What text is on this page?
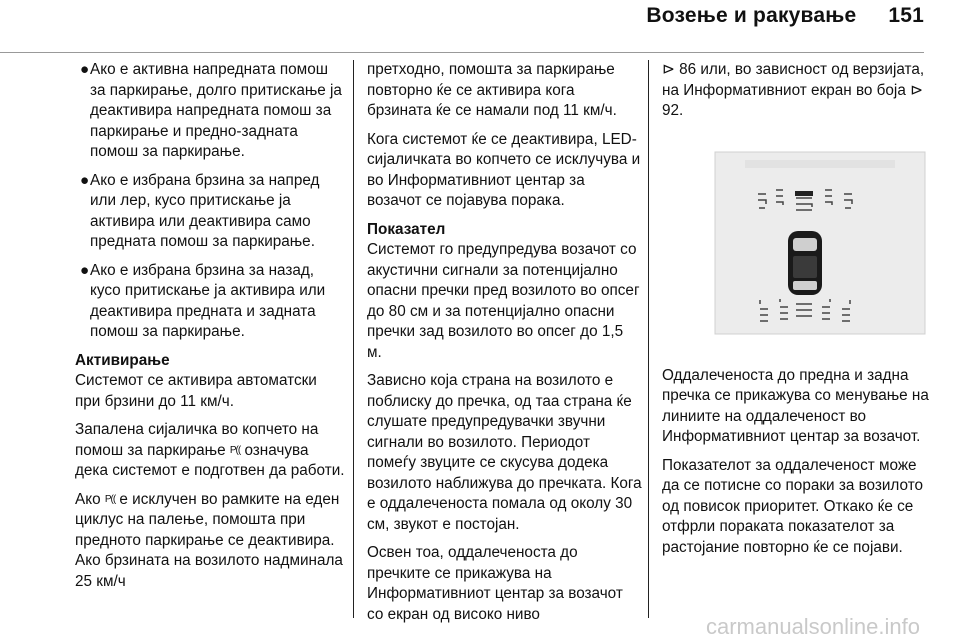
Возење и ракување 151
● Ако е активна напредната помош за паркирање, долго притискање ја деактивира напредната помош за паркирање и предно-задната помош за паркирање.
● Ако е избрана брзина за напред или лер, кусо притискање ја активира или деактивира само предната помош за паркирање.
● Ако е избрана брзина за назад, кусо притискање ја активира или деактивира предната и задната помош за паркирање.

Активирање

Системот се активира автоматски при брзини до 11 км/ч.

Запалена сијаличка во копчето на помош за паркирање P(( означува дека системот е подготвен да работи.

Ако P(( е исклучен во рамките на еден циклус на палење, помошта при предното паркирање се деактивира. Ако брзината на возилото надминала 25 км/ч

претходно, помошта за паркирање повторно ќе се активира кога брзината ќе се намали под 11 км/ч.

Кога системот ќе се деактивира, LED-сијаличката во копчето се исклучува и во Информативниот центар за возачот се појавува порака.

Показател

Системот го предупредува возачот со акустични сигнали за потенцијално опасни пречки пред возилото во опсег до 80 см и за потенцијално опасни пречки зад возилото во опсег до 1,5 м.

Зависно која страна на возилото е поблиску до пречка, од таа страна ќе слушате предупредувачки звучни сигнали во возилото. Периодот помеѓу звуците се скусува додека возилото наближува до пречката. Кога е оддалеченоста помала од околу 30 см, звукот е постојан.

Освен тоа, оддалеченоста до пречките се прикажува на Информативниот центар за возачот со екран од високо ниво

⊳ 86 или, во зависност од верзијата, на Информативниот екран во боја ⊳ 92.

Оддалеченоста до предна и задна пречка се прикажува со менување на линиите на оддалеченост во Информативниот центар за возачот.

Показателот за оддалеченост може да се потисне со пораки за возилото од повисок приоритет. Откако ќе се отфрли пораката показателот за растојание повторно ќе се појави.

carmanualsonline.info
